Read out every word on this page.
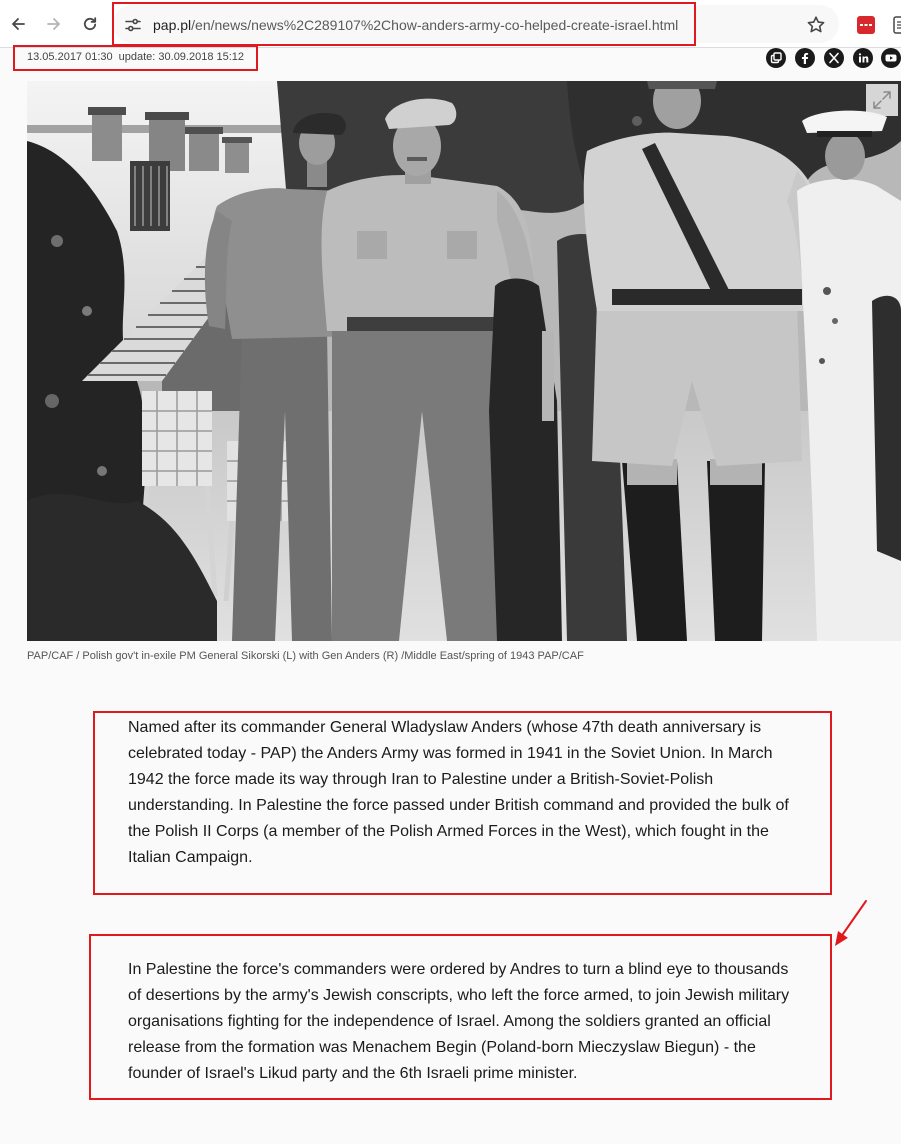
pap.pl/en/news/news%2C289107%2Chow-anders-army-co-helped-create-israel.html
13.05.2017 01:30 update: 30.09.2018 15:12
PAP/CAF / Polish gov't in-exile PM General Sikorski (L) with Gen Anders (R) /Middle East/spring of 1943 PAP/CAF
Named after its commander General Wladyslaw Anders (whose 47th death anniversary is
celebrated today - PAP) the Anders Army was formed in 1941 in the Soviet Union. In March
1942 the force made its way through Iran to Palestine under a British-Soviet-Polish
understanding. In Palestine the force passed under British command and provided the bulk of
the Polish II Corps (a member of the Polish Armed Forces in the West), which fought in the
Italian Campaign.
In Palestine the force's commanders were ordered by Andres to turn a blind eye to thousands
of desertions by the army's Jewish conscripts, who left the force armed, to join Jewish military
organisations fighting for the independence of Israel. Among the soldiers granted an official
release from the formation was Menachem Begin (Poland-born Mieczyslaw Biegun) - the
founder of Israel's Likud party and the 6th Israeli prime minister.
